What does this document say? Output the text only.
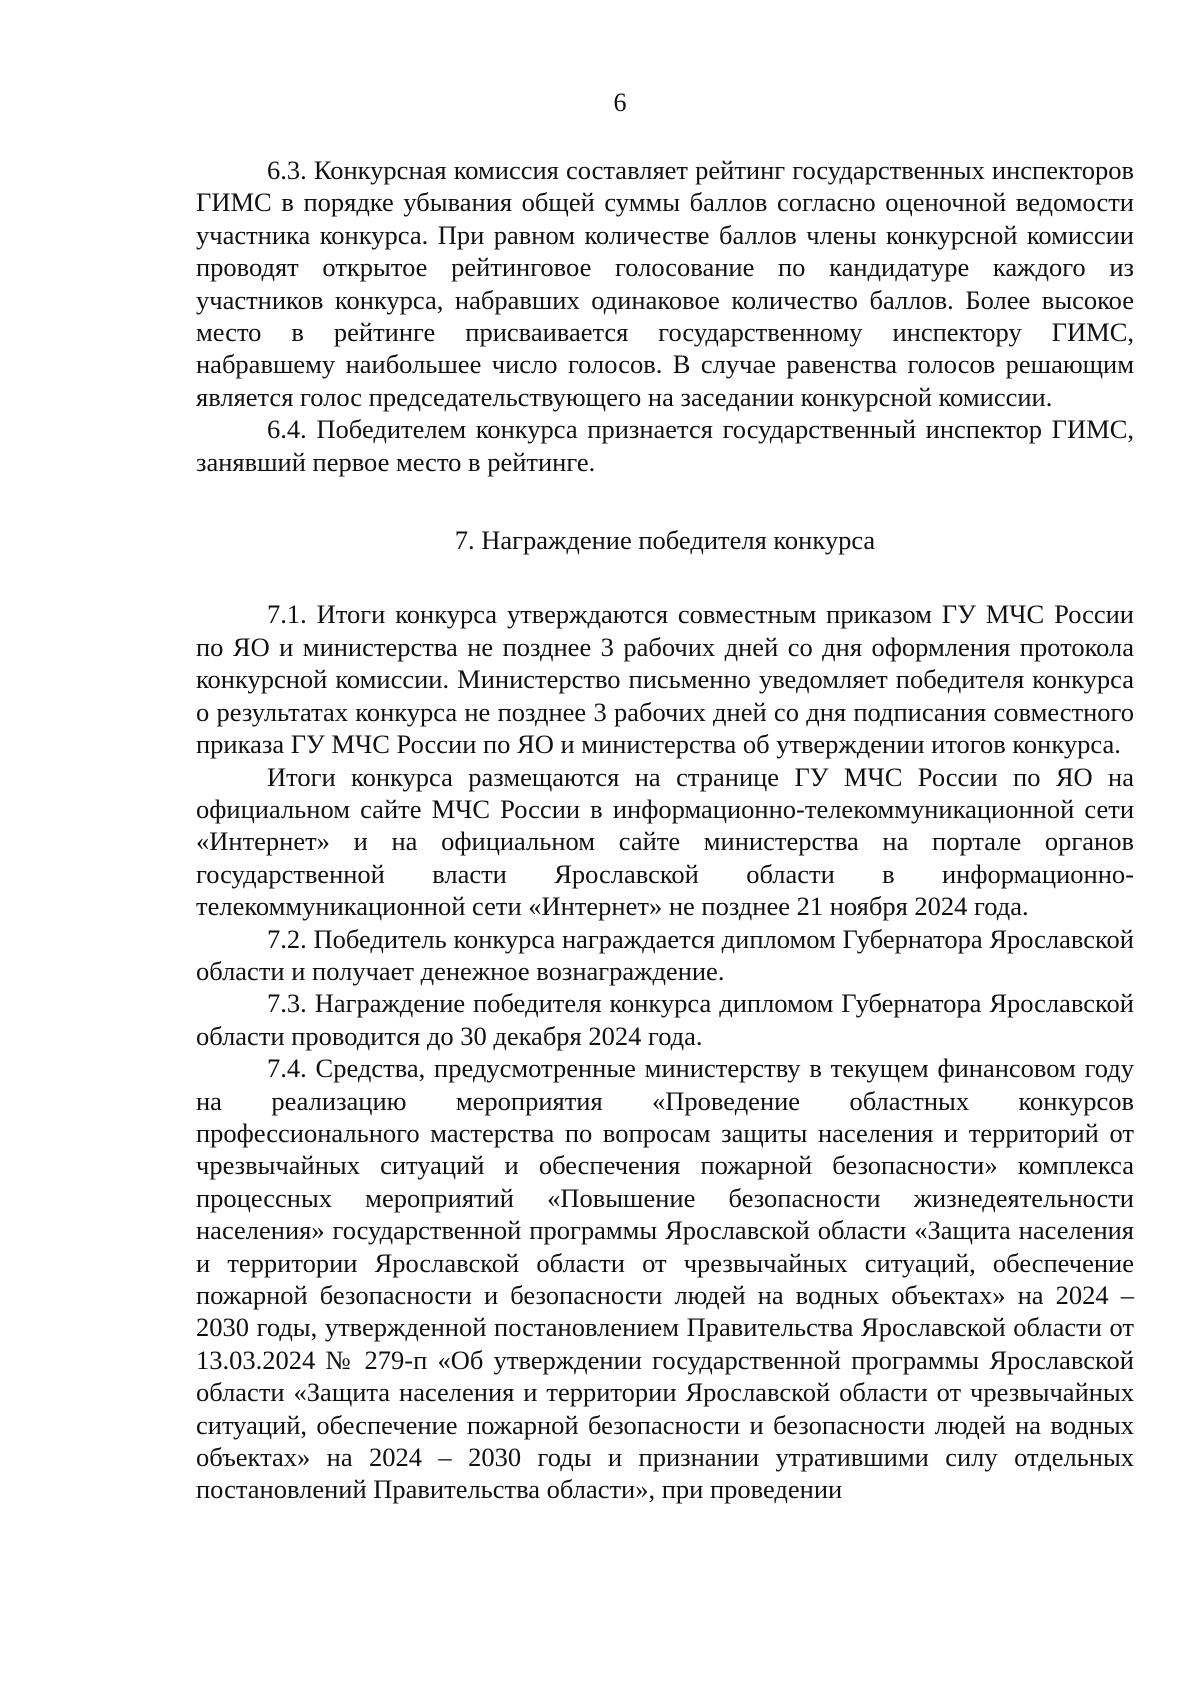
6

6.3. Конкурсная комиссия составляет рейтинг государственных инспекторов ГИМС в порядке убывания общей суммы баллов согласно оценочной ведомости участника конкурса. При равном количестве баллов члены конкурсной комиссии проводят открытое рейтинговое голосование по кандидатуре каждого из участников конкурса, набравших одинаковое количество баллов. Более высокое место в рейтинге присваивается государственному инспектору ГИМС, набравшему наибольшее число голосов. В случае равенства голосов решающим является голос председательствующего на заседании конкурсной комиссии.

6.4. Победителем конкурса признается государственный инспектор ГИМС, занявший первое место в рейтинге.

7. Награждение победителя конкурса

7.1. Итоги конкурса утверждаются совместным приказом ГУ МЧС России по ЯО и министерства не позднее 3 рабочих дней со дня оформления протокола конкурсной комиссии. Министерство письменно уведомляет победителя конкурса о результатах конкурса не позднее 3 рабочих дней со дня подписания совместного приказа ГУ МЧС России по ЯО и министерства об утверждении итогов конкурса.

Итоги конкурса размещаются на странице ГУ МЧС России по ЯО на официальном сайте МЧС России в информационно-телекоммуникационной сети «Интернет» и на официальном сайте министерства на портале органов государственной власти Ярославской области в информационно-телекоммуникационной сети «Интернет» не позднее 21 ноября 2024 года.

7.2. Победитель конкурса награждается дипломом Губернатора Ярославской области и получает денежное вознаграждение.

7.3. Награждение победителя конкурса дипломом Губернатора Ярославской области проводится до 30 декабря 2024 года.

7.4. Средства, предусмотренные министерству в текущем финансовом году на реализацию мероприятия «Проведение областных конкурсов профессионального мастерства по вопросам защиты населения и территорий от чрезвычайных ситуаций и обеспечения пожарной безопасности» комплекса процессных мероприятий «Повышение безопасности жизнедеятельности населения» государственной программы Ярославской области «Защита населения и территории Ярославской области от чрезвычайных ситуаций, обеспечение пожарной безопасности и безопасности людей на водных объектах» на 2024 – 2030 годы, утвержденной постановлением Правительства Ярославской области от 13.03.2024 № 279-п «Об утверждении государственной программы Ярославской области «Защита населения и территории Ярославской области от чрезвычайных ситуаций, обеспечение пожарной безопасности и безопасности людей на водных объектах» на 2024 – 2030 годы и признании утратившими силу отдельных постановлений Правительства области», при проведении
